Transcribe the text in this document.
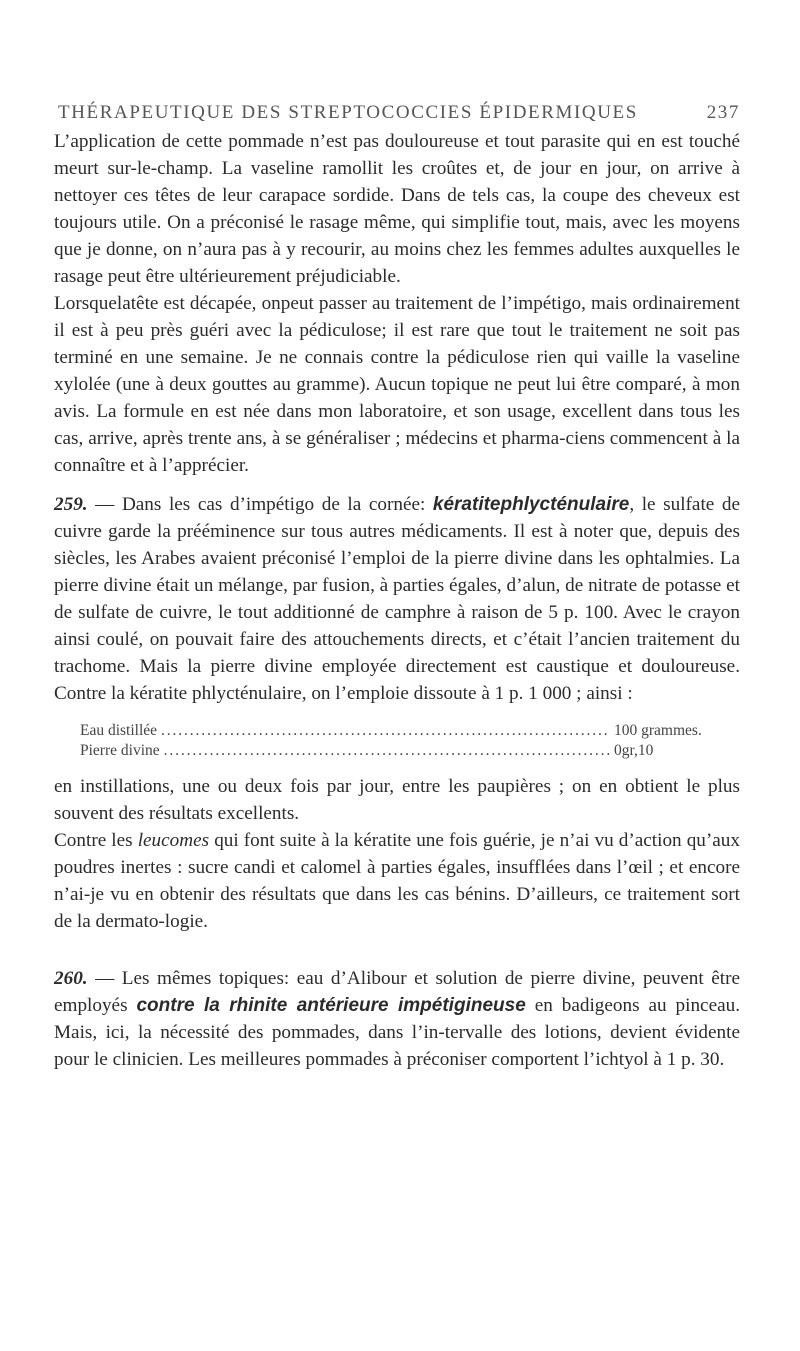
THÉRAPEUTIQUE DES STREPTOCOCCIES ÉPIDERMIQUES	237

L’application de cette pommade n’est pas douloureuse et tout parasite qui en est touché meurt sur-le-champ. La vaseline ramollit les croûtes et, de jour en jour, on arrive à nettoyer ces têtes de leur carapace sordide. Dans de tels cas, la coupe des cheveux est toujours utile. On a préconisé le rasage même, qui simplifie tout, mais, avec les moyens que je donne, on n’aura pas à y recourir, au moins chez les femmes adultes auxquelles le rasage peut être ultérieurement préjudiciable.

Lorsquelatête est décapée, onpeut passer au traitement de l’impétigo, mais ordinairement il est à peu près guéri avec la pédiculose; il est rare que tout le traitement ne soit pas terminé en une semaine. Je ne connais contre la pédiculose rien qui vaille la vaseline xylolée (une à deux gouttes au gramme). Aucun topique ne peut lui être comparé, à mon avis. La formule en est née dans mon laboratoire, et son usage, excellent dans tous les cas, arrive, après trente ans, à se généraliser ; médecins et pharma-ciens commencent à la connaître et à l’apprécier.

259. — Dans les cas d’impétigo de la cornée: kératitephlycténulaire, le sulfate de cuivre garde la prééminence sur tous autres médicaments. Il est à noter que, depuis des siècles, les Arabes avaient préconisé l’emploi de la pierre divine dans les ophtalmies. La pierre divine était un mélange, par fusion, à parties égales, d’alun, de nitrate de potasse et de sulfate de cuivre, le tout additionné de camphre à raison de 5 p. 100. Avec le crayon ainsi coulé, on pouvait faire des attouchements directs, et c’était l’ancien traitement du trachome. Mais la pierre divine employée directement est caustique et douloureuse. Contre la kératite phlycténulaire, on l’emploie dissoute à 1 p. 1 000 ; ainsi :

Eau distillée . . .	100 grammes.
Pierre divine . . .	0gr,10

en instillations, une ou deux fois par jour, entre les paupières ; on en obtient le plus souvent des résultats excellents.

Contre les leucomes qui font suite à la kératite une fois guérie, je n’ai vu d’action qu’aux poudres inertes : sucre candi et calomel à parties égales, insufflées dans l’œil ; et encore n’ai-je vu en obtenir des résultats que dans les cas bénins. D’ailleurs, ce traitement sort de la dermato-logie.

260. — Les mêmes topiques: eau d’Alibour et solution de pierre divine, peuvent être employés contre la rhinite antérieure impétigineuse en badigeons au pinceau. Mais, ici, la nécessité des pommades, dans l’in-tervalle des lotions, devient évidente pour le clinicien. Les meilleures pommades à préconiser comportent l’ichtyol à 1 p. 30.
